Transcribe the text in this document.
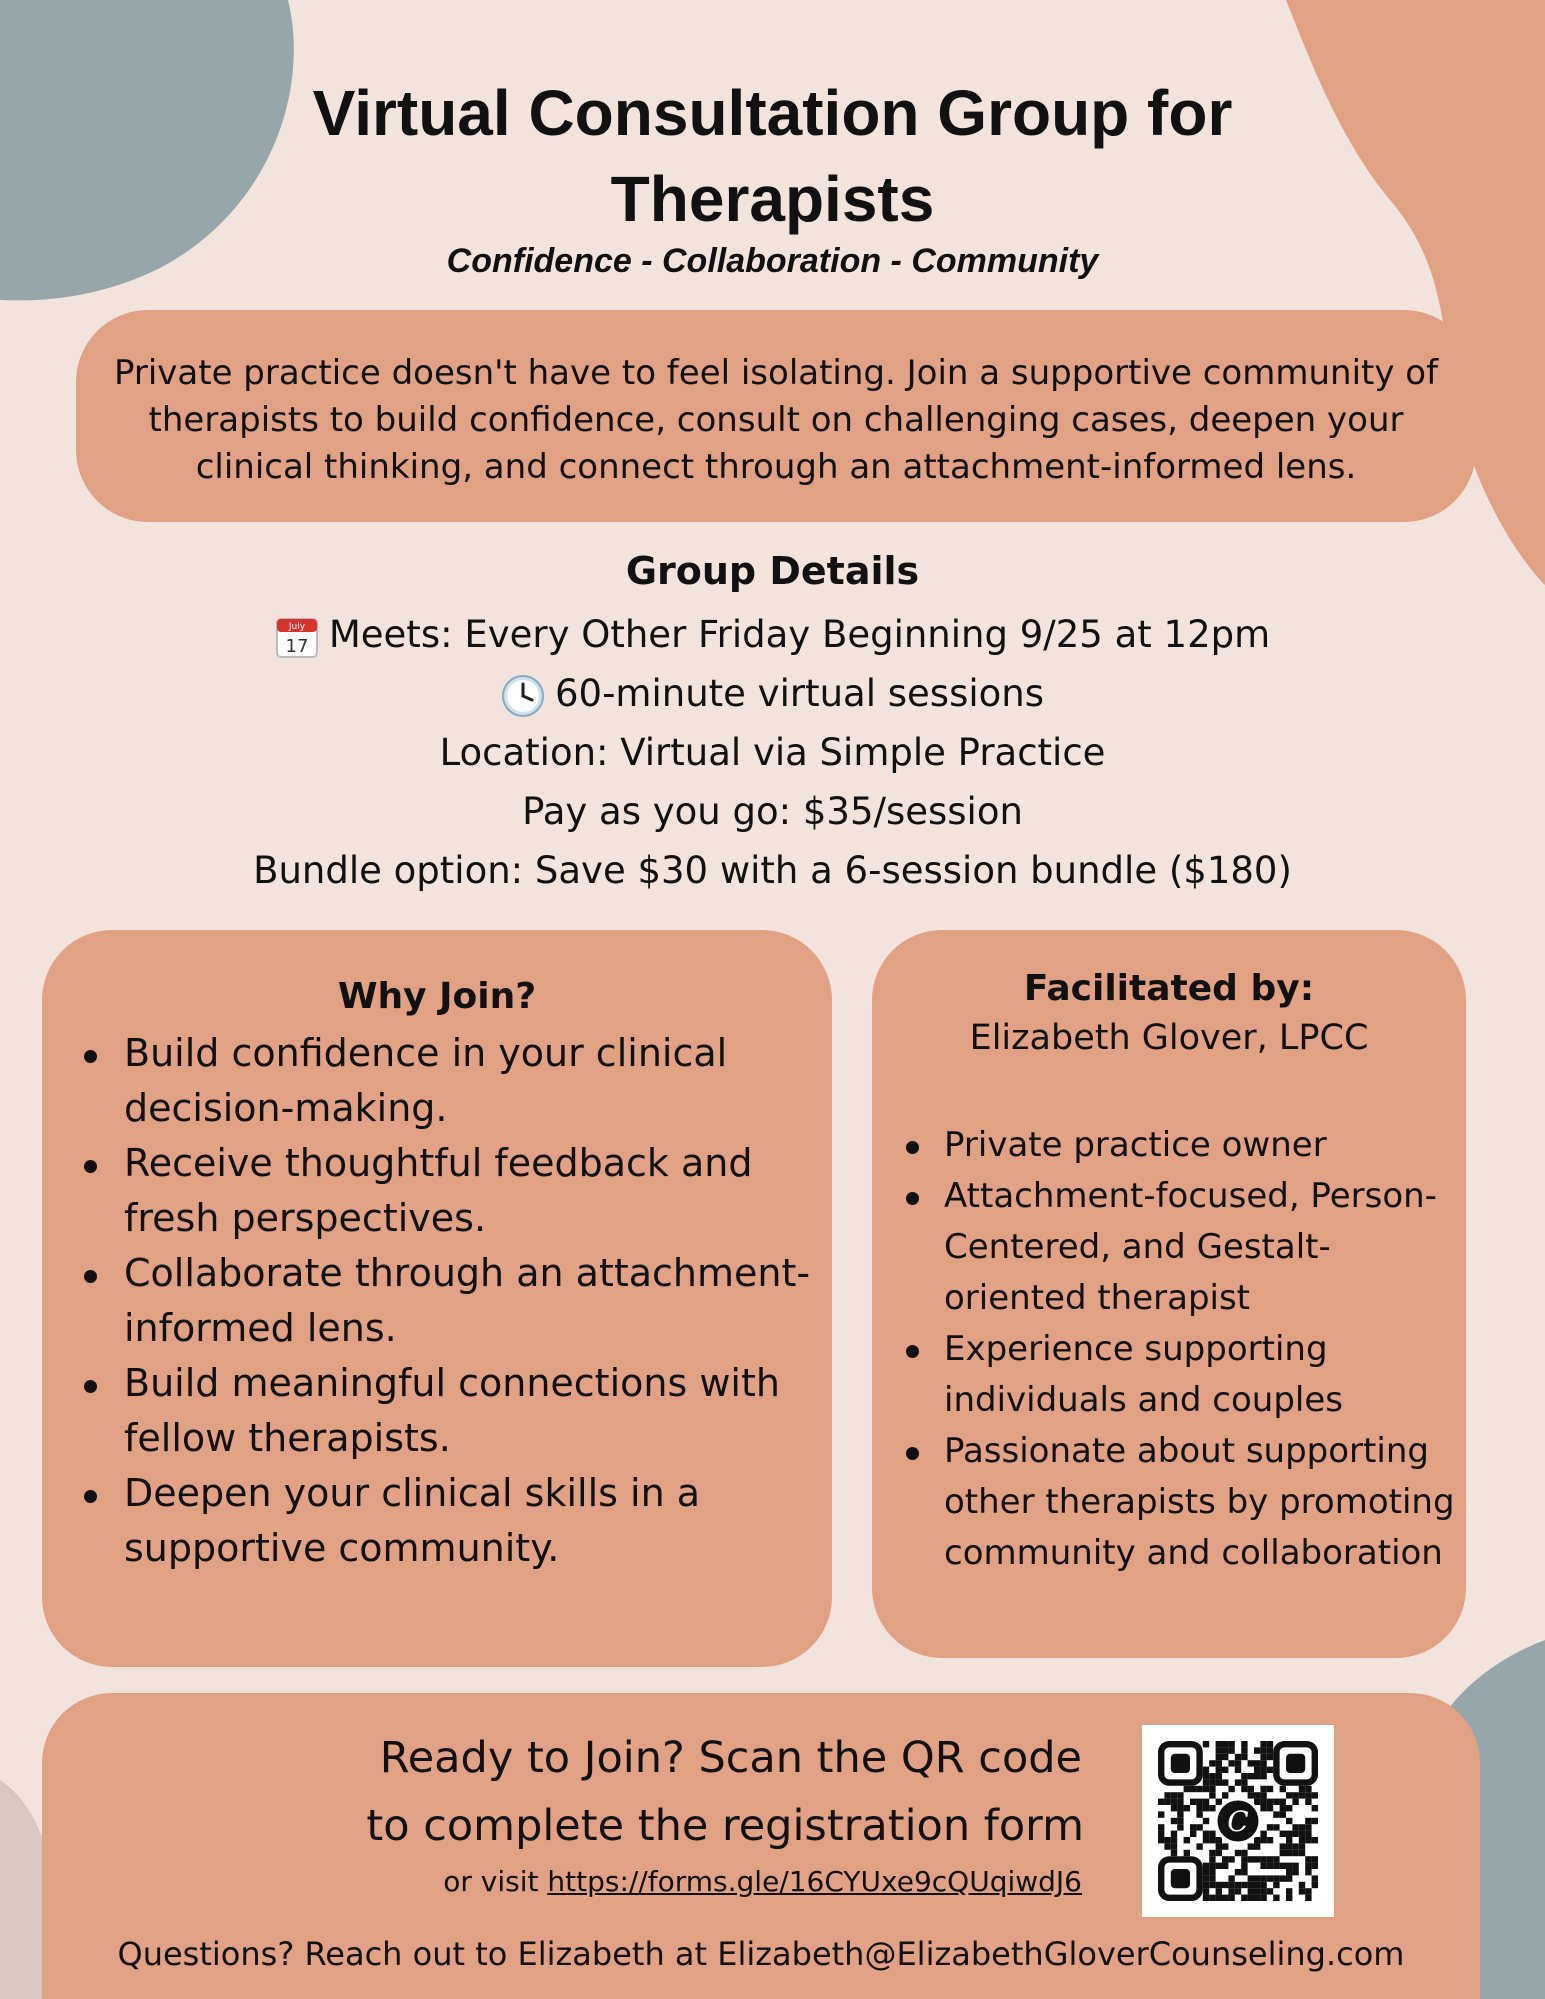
Virtual Consultation Group for
Therapists
Confidence - Collaboration - Community

Private practice doesn't have to feel isolating. Join a supportive community of therapists to build confidence, consult on challenging cases, deepen your clinical thinking, and connect through an attachment-informed lens.

Group Details
July
17 Meets: Every Other Friday Beginning 9/25 at 12pm
60-minute virtual sessions
Location: Virtual via Simple Practice
Pay as you go: $35/session
Bundle option: Save $30 with a 6-session bundle ($180)
Why Join?
Build confidence in your clinical decision-making.
Receive thoughtful feedback and fresh perspectives.
Collaborate through an attachment-informed lens.
Build meaningful connections with fellow therapists.
Deepen your clinical skills in a supportive community.
Facilitated by:
Elizabeth Glover, LPCC
Private practice owner
Attachment-focused, Person-Centered, and Gestalt-oriented therapist
Experience supporting individuals and couples
Passionate about supporting other therapists by promoting community and collaboration
Ready to Join? Scan the QR code
to complete the registration form
or visit https://forms.gle/16CYUxe9cQUqiwdJ6
C
Questions? Reach out to Elizabeth at Elizabeth@ElizabethGloverCounseling.com
